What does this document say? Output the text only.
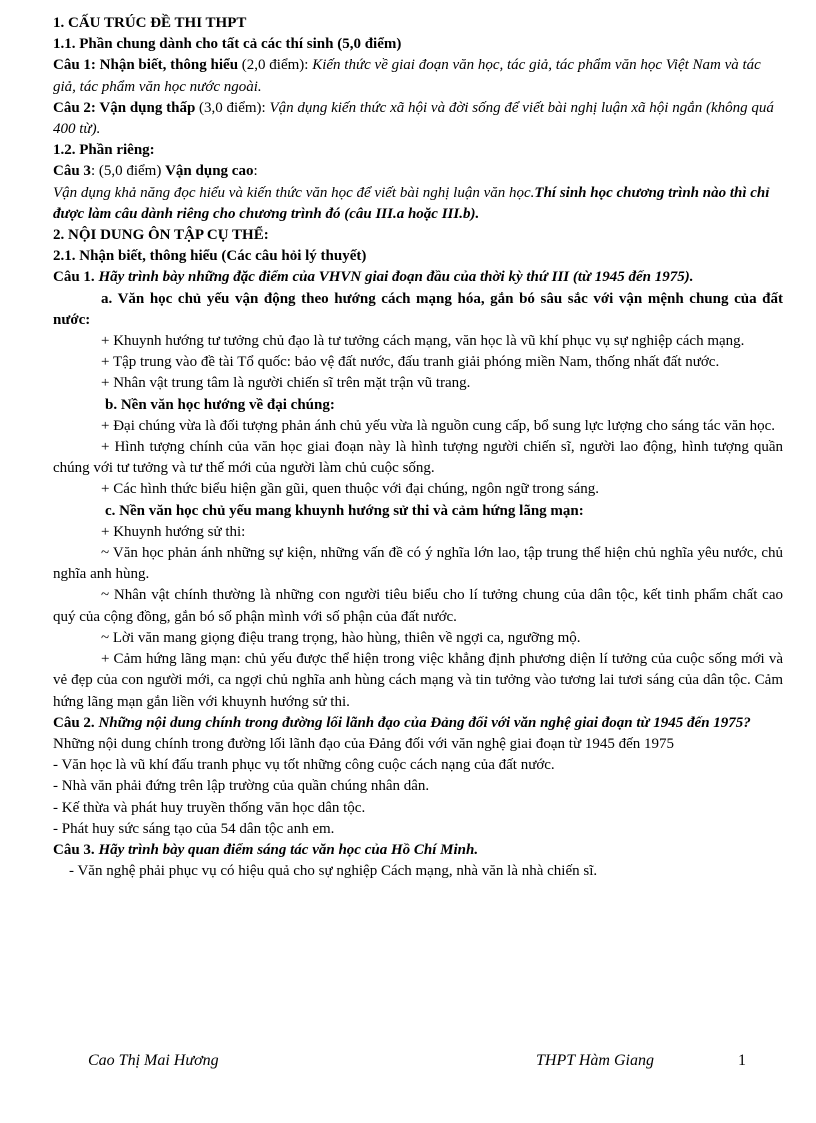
1. CẤU TRÚC ĐỀ THI THPT

1.1. Phần chung dành cho tất cả các thí sinh (5,0 điểm)

Câu 1: Nhận biết, thông hiểu (2,0 điểm): Kiến thức về giai đoạn văn học, tác giả, tác phẩm văn học Việt Nam và tác giả, tác phẩm văn học nước ngoài.

Câu 2: Vận dụng thấp (3,0 điểm): Vận dụng kiến thức xã hội và đời sống để viết bài nghị luận xã hội ngắn (không quá 400 từ).

1.2. Phần riêng:

Câu 3: (5,0 điểm) Vận dụng cao:

Vận dụng khả năng đọc hiểu và kiến thức văn học để viết bài nghị luận văn học.Thí sinh học chương trình nào thì chỉ được làm câu dành riêng cho chương trình đó (câu III.a hoặc III.b).

2. NỘI DUNG ÔN TẬP CỤ THỂ:

2.1. Nhận biết, thông hiểu (Các câu hỏi lý thuyết)

Câu 1. Hãy trình bày những đặc điểm của VHVN giai đoạn đầu của thời kỳ thứ III (từ 1945 đến 1975).

a. Văn học chủ yếu vận động theo hướng cách mạng hóa, gắn bó sâu sắc với vận mệnh chung của đất nước:

+ Khuynh hướng tư tưởng chủ đạo là tư tưởng cách mạng, văn học là vũ khí phục vụ sự nghiệp cách mạng.

+ Tập trung vào đề tài Tổ quốc: bảo vệ đất nước, đấu tranh giải phóng miền Nam, thống nhất đất nước.

+ Nhân vật trung tâm là người chiến sĩ trên mặt trận vũ trang.

b. Nền văn học hướng về đại chúng:

+ Đại chúng vừa là đối tượng phản ánh chủ yếu vừa là nguồn cung cấp, bổ sung lực lượng cho sáng tác văn học.

+ Hình tượng chính của văn học giai đoạn này là hình tượng người chiến sĩ, người lao động, hình tượng quần chúng với tư tưởng và tư thế mới của người làm chủ cuộc sống.

+ Các hình thức biểu hiện gần gũi, quen thuộc với đại chúng, ngôn ngữ trong sáng.

c. Nền văn học chủ yếu mang khuynh hướng sử thi và cảm hứng lãng mạn:

+ Khuynh hướng sử thi:

~ Văn học phản ánh những sự kiện, những vấn đề có ý nghĩa lớn lao, tập trung thể hiện chủ nghĩa yêu nước, chủ nghĩa anh hùng.

~ Nhân vật chính thường là những con người tiêu biểu cho lí tưởng chung của dân tộc, kết tinh phẩm chất cao quý của cộng đồng, gắn bó số phận mình với số phận của đất nước.

~ Lời văn mang giọng điệu trang trọng, hào hùng, thiên về ngợi ca, ngưỡng mộ.

+ Cảm hứng lãng mạn: chủ yếu được thể hiện trong việc khẳng định phương diện lí tưởng của cuộc sống mới và vẻ đẹp của con người mới, ca ngợi chủ nghĩa anh hùng cách mạng và tin tưởng vào tương lai tươi sáng của dân tộc. Cảm hứng lãng mạn gắn liền với khuynh hướng sử thi.

Câu 2. Những nội dung chính trong đường lối lãnh đạo của Đảng đối với văn nghệ giai đoạn từ 1945 đến 1975?

Những nội dung chính trong đường lối lãnh đạo của Đảng đối với văn nghệ giai đoạn từ 1945 đến 1975

- Văn học là vũ khí đấu tranh phục vụ tốt những công cuộc cách nạng của đất nước.

- Nhà văn phải đứng trên lập trường của quần chúng nhân dân.

- Kế thừa và phát huy truyền thống văn học dân tộc.

- Phát huy sức sáng tạo của 54 dân tộc anh em.

Câu 3. Hãy trình bày quan điểm sáng tác văn học của Hồ Chí Minh.

- Văn nghệ phải phục vụ có hiệu quả cho sự nghiệp Cách mạng, nhà văn là nhà chiến sĩ.

Cao Thị Mai Hương	THPT Hàm Giang	1
